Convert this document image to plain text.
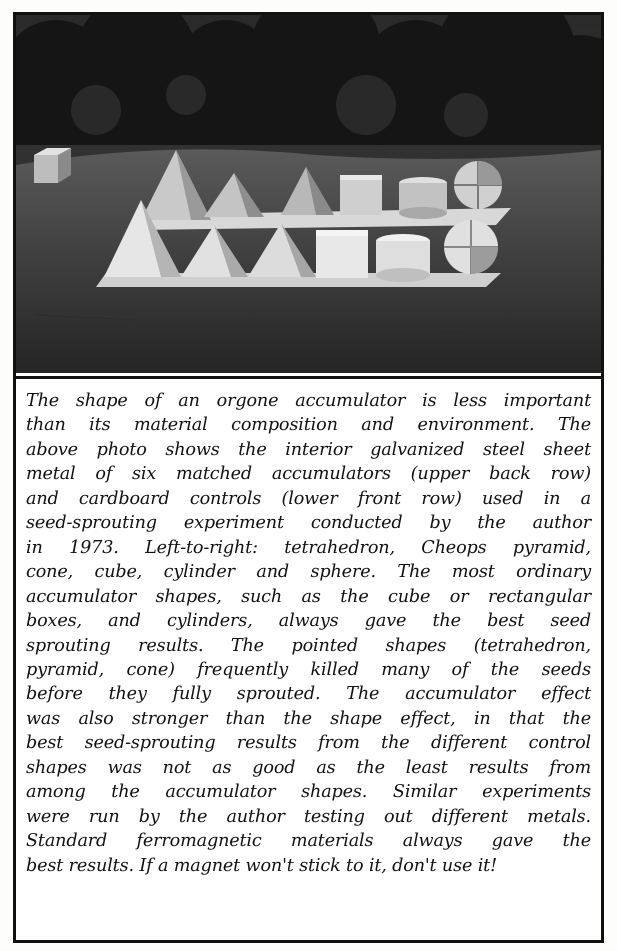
The shape of an orgone accumulator is less important
than its material composition and environment. The
above photo shows the interior galvanized steel sheet
metal of six matched accumulators (upper back row)
and cardboard controls (lower front row) used in a
seed-sprouting experiment conducted by the author
in 1973. Left-to-right: tetrahedron, Cheops pyramid,
cone, cube, cylinder and sphere. The most ordinary
accumulator shapes, such as the cube or rectangular
boxes, and cylinders, always gave the best seed
sprouting results. The pointed shapes (tetrahedron,
pyramid, cone) frequently killed many of the seeds
before they fully sprouted. The accumulator effect
was also stronger than the shape effect, in that the
best seed-sprouting results from the different control
shapes was not as good as the least results from
among the accumulator shapes. Similar experiments
were run by the author testing out different metals.
Standard ferromagnetic materials always gave the
best results. If a magnet won't stick to it, don't use it!
